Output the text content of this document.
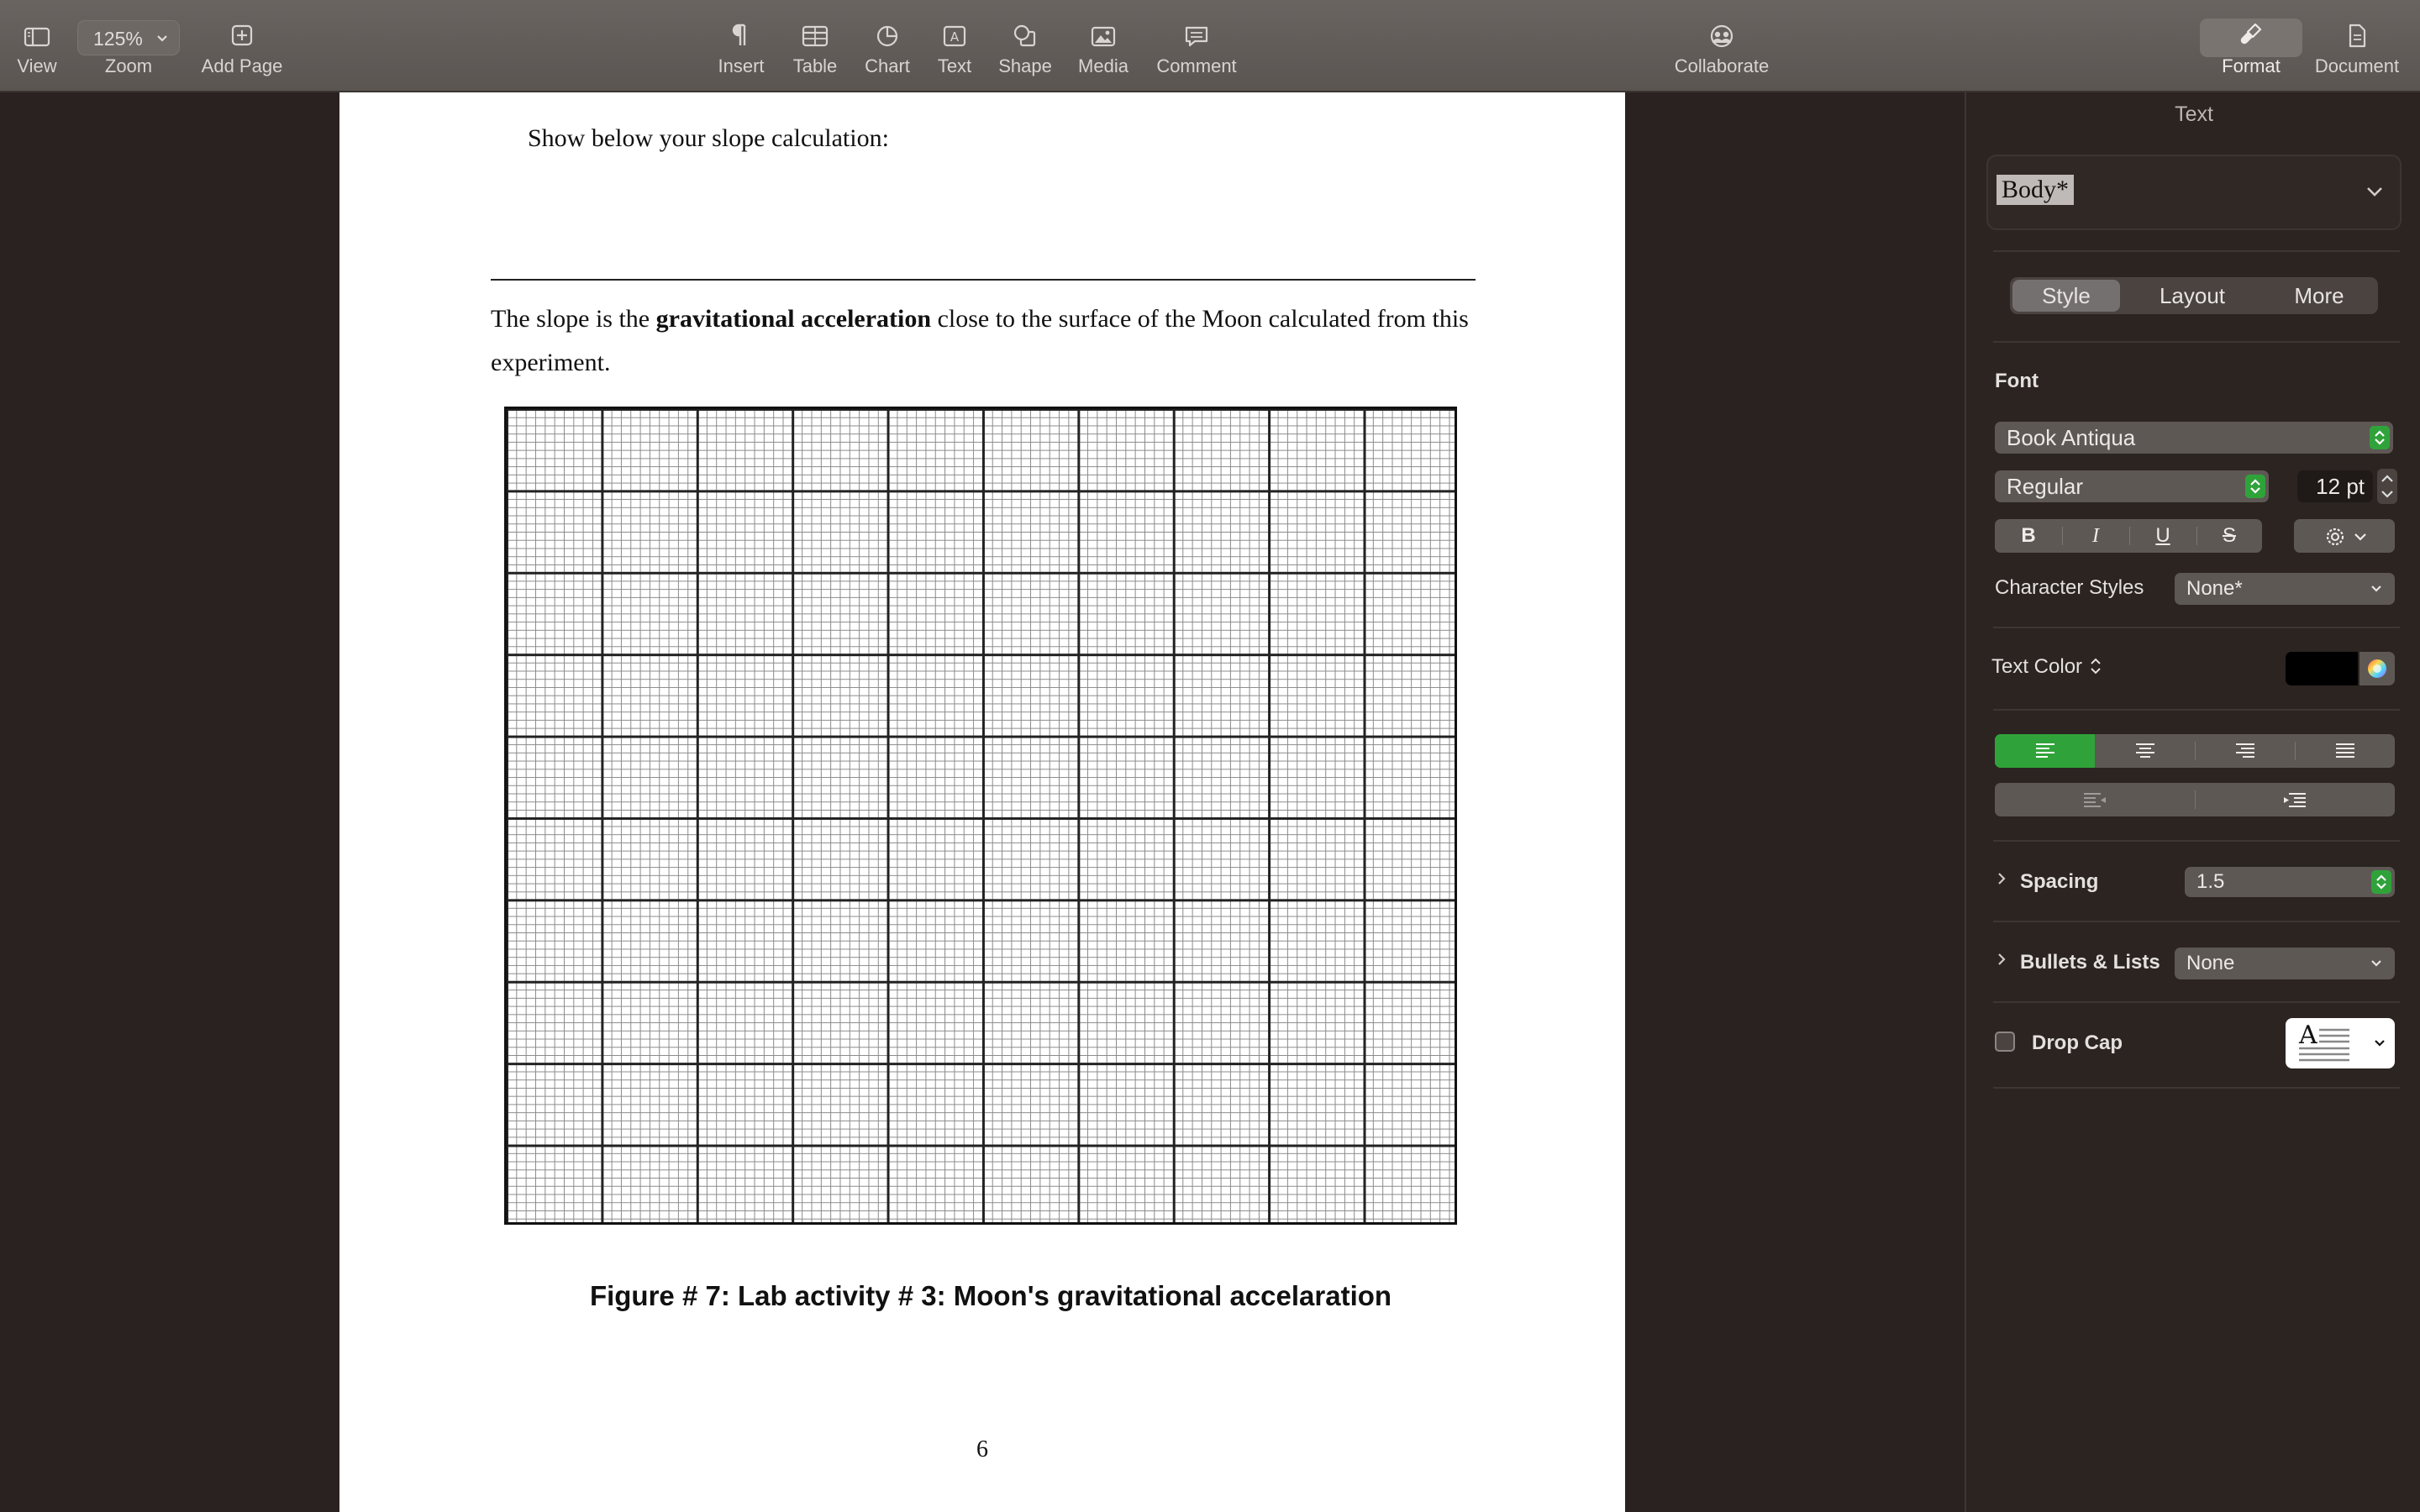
View
125%
Zoom	Add Page	Insert	Table	Chart
A
Text	Shape	Media	Comment	Collaborate	Format	Document
Show below your slope calculation:
The slope is the gravitational acceleration close to the surface of the Moon calculated from this experiment.
Figure # 7: Lab activity # 3: Moon's gravitational accelaration
6
Text
Body*
Style	Layout	More
Font
Book Antiqua
Regular	12 pt
B	I	U	S
Character Styles	None*
Text Color
Spacing	1.5
Bullets & Lists	None
Drop Cap	A
